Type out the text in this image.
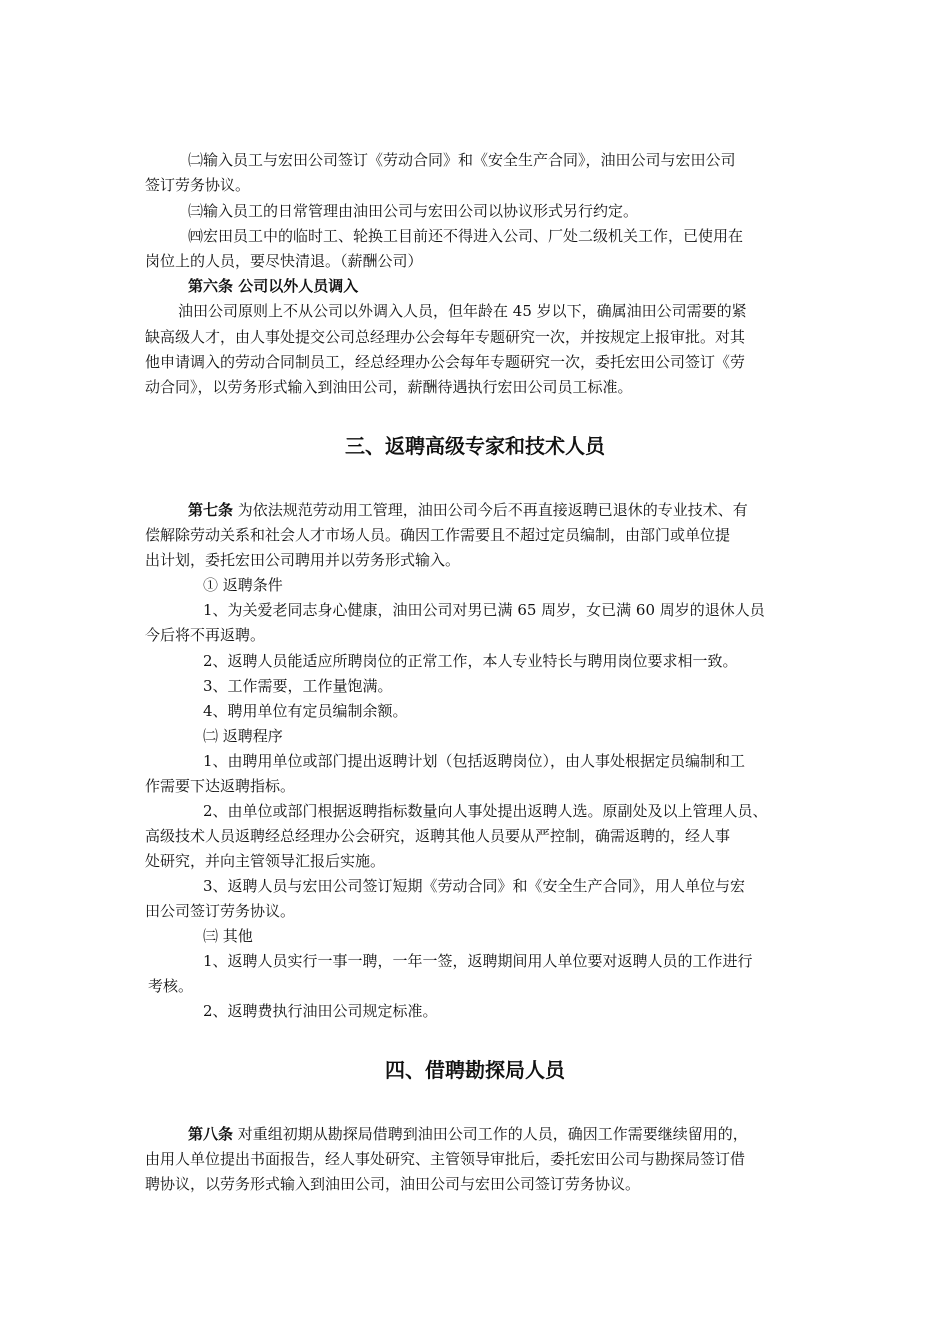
㈡输入员工与宏田公司签订《劳动合同》和《安全生产合同》，油田公司与宏田公司
签订劳务协议。
㈢输入员工的日常管理由油田公司与宏田公司以协议形式另行约定。
㈣宏田员工中的临时工、轮换工目前还不得进入公司、厂处二级机关工作，已使用在
岗位上的人员，要尽快清退。（薪酬公司）
第六条 公司以外人员调入
油田公司原则上不从公司以外调入人员，但年龄在 45 岁以下，确属油田公司需要的紧
缺高级人才，由人事处提交公司总经理办公会每年专题研究一次，并按规定上报审批。对其
他申请调入的劳动合同制员工，经总经理办公会每年专题研究一次，委托宏田公司签订《劳
动合同》，以劳务形式输入到油田公司，薪酬待遇执行宏田公司员工标准。
三、返聘高级专家和技术人员
第七条 为依法规范劳动用工管理，油田公司今后不再直接返聘已退休的专业技术、有
偿解除劳动关系和社会人才市场人员。确因工作需要且不超过定员编制，由部门或单位提
出计划，委托宏田公司聘用并以劳务形式输入。
① 返聘条件
1、为关爱老同志身心健康，油田公司对男已满 65 周岁，女已满 60 周岁的退休人员
今后将不再返聘。
2、返聘人员能适应所聘岗位的正常工作，本人专业特长与聘用岗位要求相一致。
3、工作需要，工作量饱满。
4、聘用单位有定员编制余额。
㈡ 返聘程序
1、由聘用单位或部门提出返聘计划（包括返聘岗位），由人事处根据定员编制和工
作需要下达返聘指标。
2、由单位或部门根据返聘指标数量向人事处提出返聘人选。原副处及以上管理人员、
高级技术人员返聘经总经理办公会研究，返聘其他人员要从严控制，确需返聘的，经人事
处研究，并向主管领导汇报后实施。
3、返聘人员与宏田公司签订短期《劳动合同》和《安全生产合同》，用人单位与宏
田公司签订劳务协议。
㈢ 其他
1、返聘人员实行一事一聘，一年一签，返聘期间用人单位要对返聘人员的工作进行
考核。
2、返聘费执行油田公司规定标准。
四、借聘勘探局人员
第八条 对重组初期从勘探局借聘到油田公司工作的人员，确因工作需要继续留用的，
由用人单位提出书面报告，经人事处研究、主管领导审批后，委托宏田公司与勘探局签订借
聘协议，以劳务形式输入到油田公司，油田公司与宏田公司签订劳务协议。
